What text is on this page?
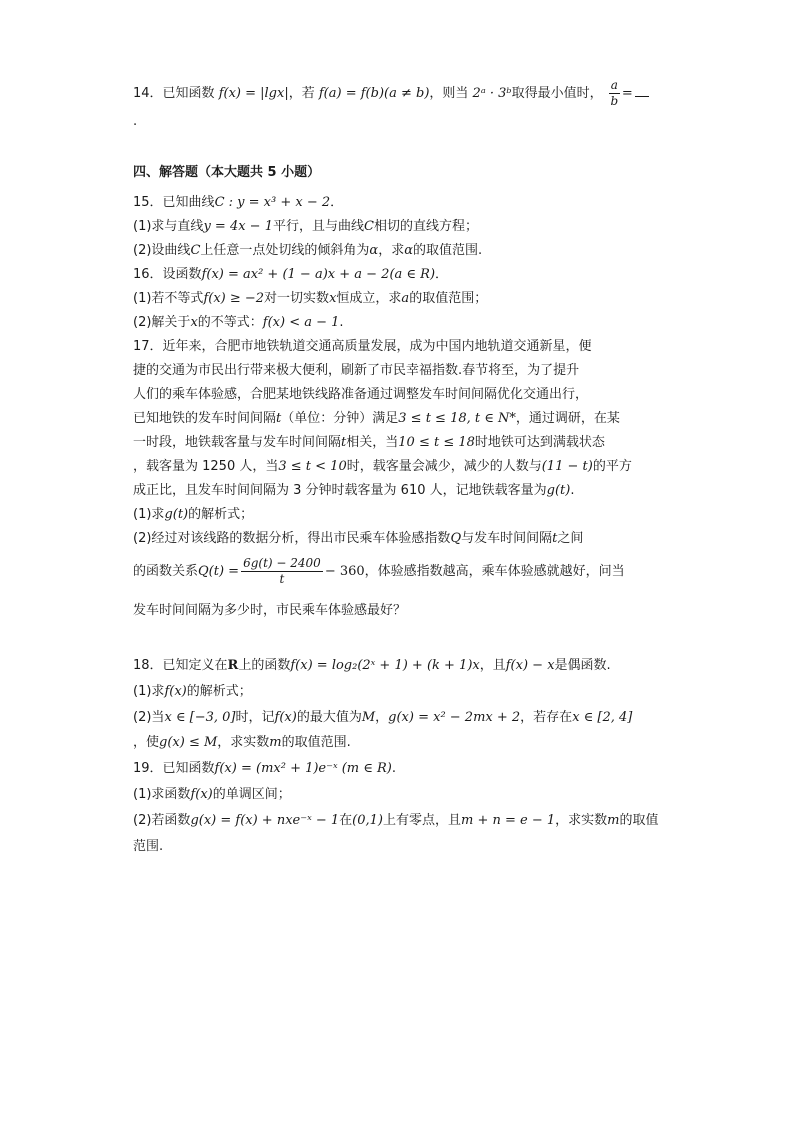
14．已知函数 f(x) = |lgx|，若 f(a) = f(b)(a ≠ b)，则当 2ᵃ · 3ᵇ取得最小值时， $\frac{a}{b}$ =
.
四、解答题（本大题共 5 小题）
15．已知曲线C : y = x³ + x − 2．
(1)求与直线y = 4x − 1平行，且与曲线C相切的直线方程；
(2)设曲线C上任意一点处切线的倾斜角为α，求α的取值范围.
16．设函数f(x) = ax² + (1 − a)x + a − 2(a ∈ R)．
(1)若不等式f(x) ≥ −2对一切实数x恒成立，求a的取值范围；
(2)解关于x的不等式：f(x) < a − 1.
17．近年来，合肥市地铁轨道交通高质量发展，成为中国内地轨道交通新星，便
捷的交通为市民出行带来极大便利，刷新了市民幸福指数.春节将至，为了提升
人们的乘车体验感，合肥某地铁线路准备通过调整发车时间间隔优化交通出行，
已知地铁的发车时间间隔t（单位：分钟）满足3 ≤ t ≤ 18, t ∈ N*，通过调研，在某
一时段，地铁载客量与发车时间间隔t相关，当10 ≤ t ≤ 18时地铁可达到满载状态
，载客量为 1250 人，当3 ≤ t < 10时，载客量会减少，减少的人数与(11 − t)的平方
成正比，且发车时间间隔为 3 分钟时载客量为 610 人，记地铁载客量为g(t).
(1)求g(t)的解析式；
(2)经过对该线路的数据分析，得出市民乘车体验感指数Q与发车时间间隔t之间
的函数关系$Q(t) = \frac{6g(t) - 2400}{t} - 360$，体验感指数越高，乘车体验感就越好，问当
发车时间间隔为多少时，市民乘车体验感最好？
18．已知定义在R上的函数f(x) = log₂(2ˣ + 1) + (k + 1)x，且f(x) − x是偶函数.
(1)求f(x)的解析式；
(2)当x ∈ [−3, 0]时，记f(x)的最大值为M，g(x) = x² − 2mx + 2，若存在x ∈ [2, 4]
，使g(x) ≤ M，求实数m的取值范围.
19．已知函数f(x) = (mx² + 1)e⁻ˣ (m ∈ R).
(1)求函数f(x)的单调区间；
(2)若函数g(x) = f(x) + nxe⁻ˣ − 1在(0,1)上有零点，且m + n = e − 1，求实数m的取值
范围.
